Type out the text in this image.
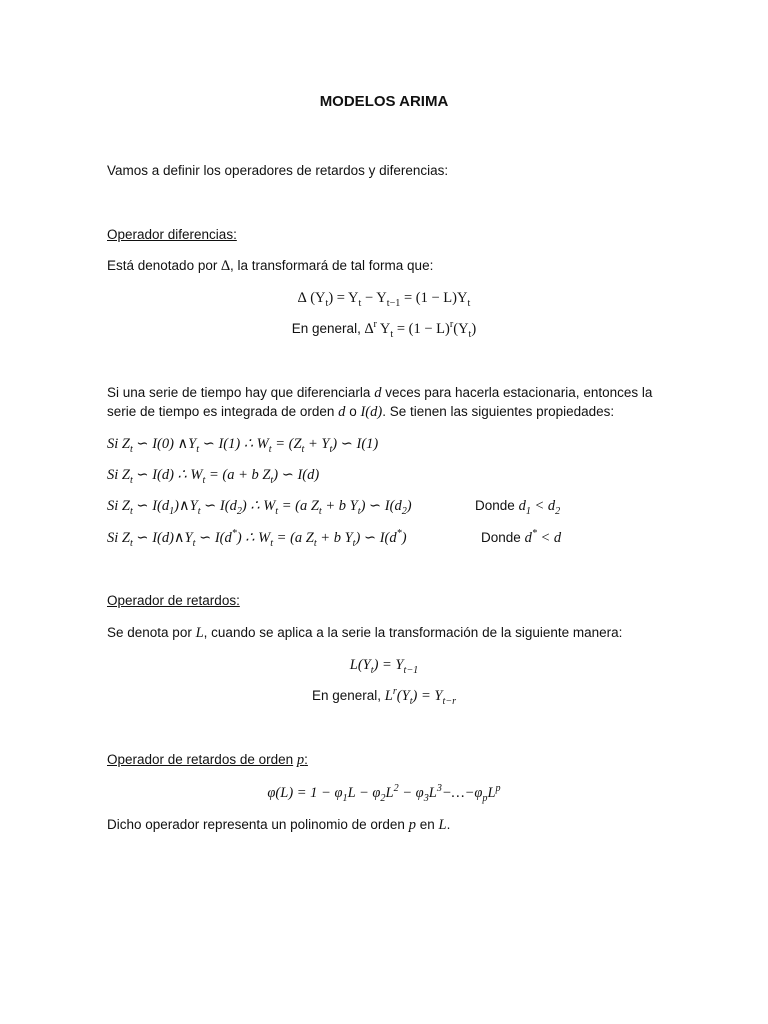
MODELOS ARIMA
Vamos a definir los operadores de retardos y diferencias:
Operador diferencias:
Está denotado por ∆, la transformará de tal forma que:
∆ $(Y_t) = Y_t - Y_{t-1} = (1 - L)Y_t$
En general, ∆$^r$ $Y_t = (1 - L)^r(Y_t)$
Si una serie de tiempo hay que diferenciarla d veces para hacerla estacionaria, entonces la
serie de tiempo es integrada de orden d o I(d). Se tienen las siguientes propiedades:
Si $Z_t$ ∽ I(0) $\wedge Y_t$ ∽ I(1) ∴ $W_t = (Z_t + Y_t)$ ∽ I(1)
Si $Z_t$ ∽ I(d) ∴ $W_t = (a + b$ $Z_t$) ∽ I(d)
Si $Z_t$ ∽ $I(d_1)\wedge Y_t$ ∽ $I(d_2)$ ∴ $W_t = (a$ $Z_t + b$ $Y_t$) ∽ $I(d_2)$	Donde $d_1 < d_2$
Si $Z_t$ ∽ $I(d)\wedge Y_t$ ∽ I(d*) ∴ $W_t = (a$ $Z_t + b$ $Y_t$) ∽ I(d*)	Donde d* < d
Operador de retardos:
Se denota por L, cuando se aplica a la serie la transformación de la siguiente manera:
$L(Y_t) = Y_{t-1}$
En general, $L^r(Y_t) = Y_{t-r}$
Operador de retardos de orden p:
$\varphi(L) = 1 - \varphi_1L - \varphi_2L^2$ − $\varphi_3L^3-\dots-\varphi_pL^p$
Dicho operador representa un polinomio de orden p en L.
